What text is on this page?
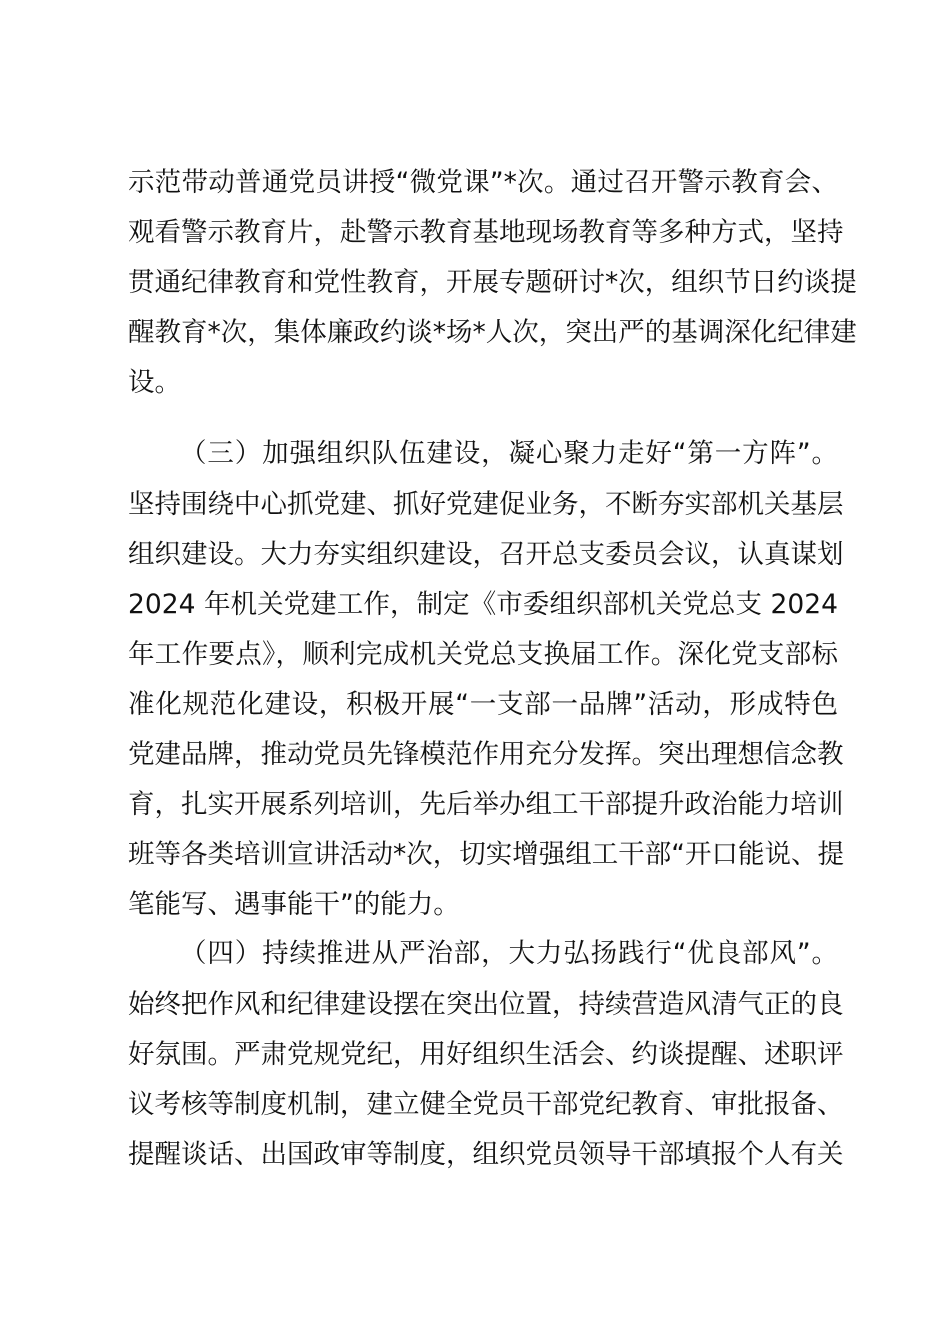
示范带动普通党员讲授“微党课”*次。通过召开警示教育会、
观看警示教育片，赴警示教育基地现场教育等多种方式，坚持
贯通纪律教育和党性教育，开展专题研讨*次，组织节日约谈提
醒教育*次，集体廉政约谈*场*人次，突出严的基调深化纪律建
设。
（三）加强组织队伍建设，凝心聚力走好“第一方阵”。
坚持围绕中心抓党建、抓好党建促业务，不断夯实部机关基层
组织建设。大力夯实组织建设，召开总支委员会议，认真谋划
2024 年机关党建工作，制定《市委组织部机关党总支 2024
年工作要点》，顺利完成机关党总支换届工作。深化党支部标
准化规范化建设，积极开展“一支部一品牌”活动，形成特色
党建品牌，推动党员先锋模范作用充分发挥。突出理想信念教
育，扎实开展系列培训，先后举办组工干部提升政治能力培训
班等各类培训宣讲活动*次，切实增强组工干部“开口能说、提
笔能写、遇事能干”的能力。
（四）持续推进从严治部，大力弘扬践行“优良部风”。
始终把作风和纪律建设摆在突出位置，持续营造风清气正的良
好氛围。严肃党规党纪，用好组织生活会、约谈提醒、述职评
议考核等制度机制，建立健全党员干部党纪教育、审批报备、
提醒谈话、出国政审等制度，组织党员领导干部填报个人有关
